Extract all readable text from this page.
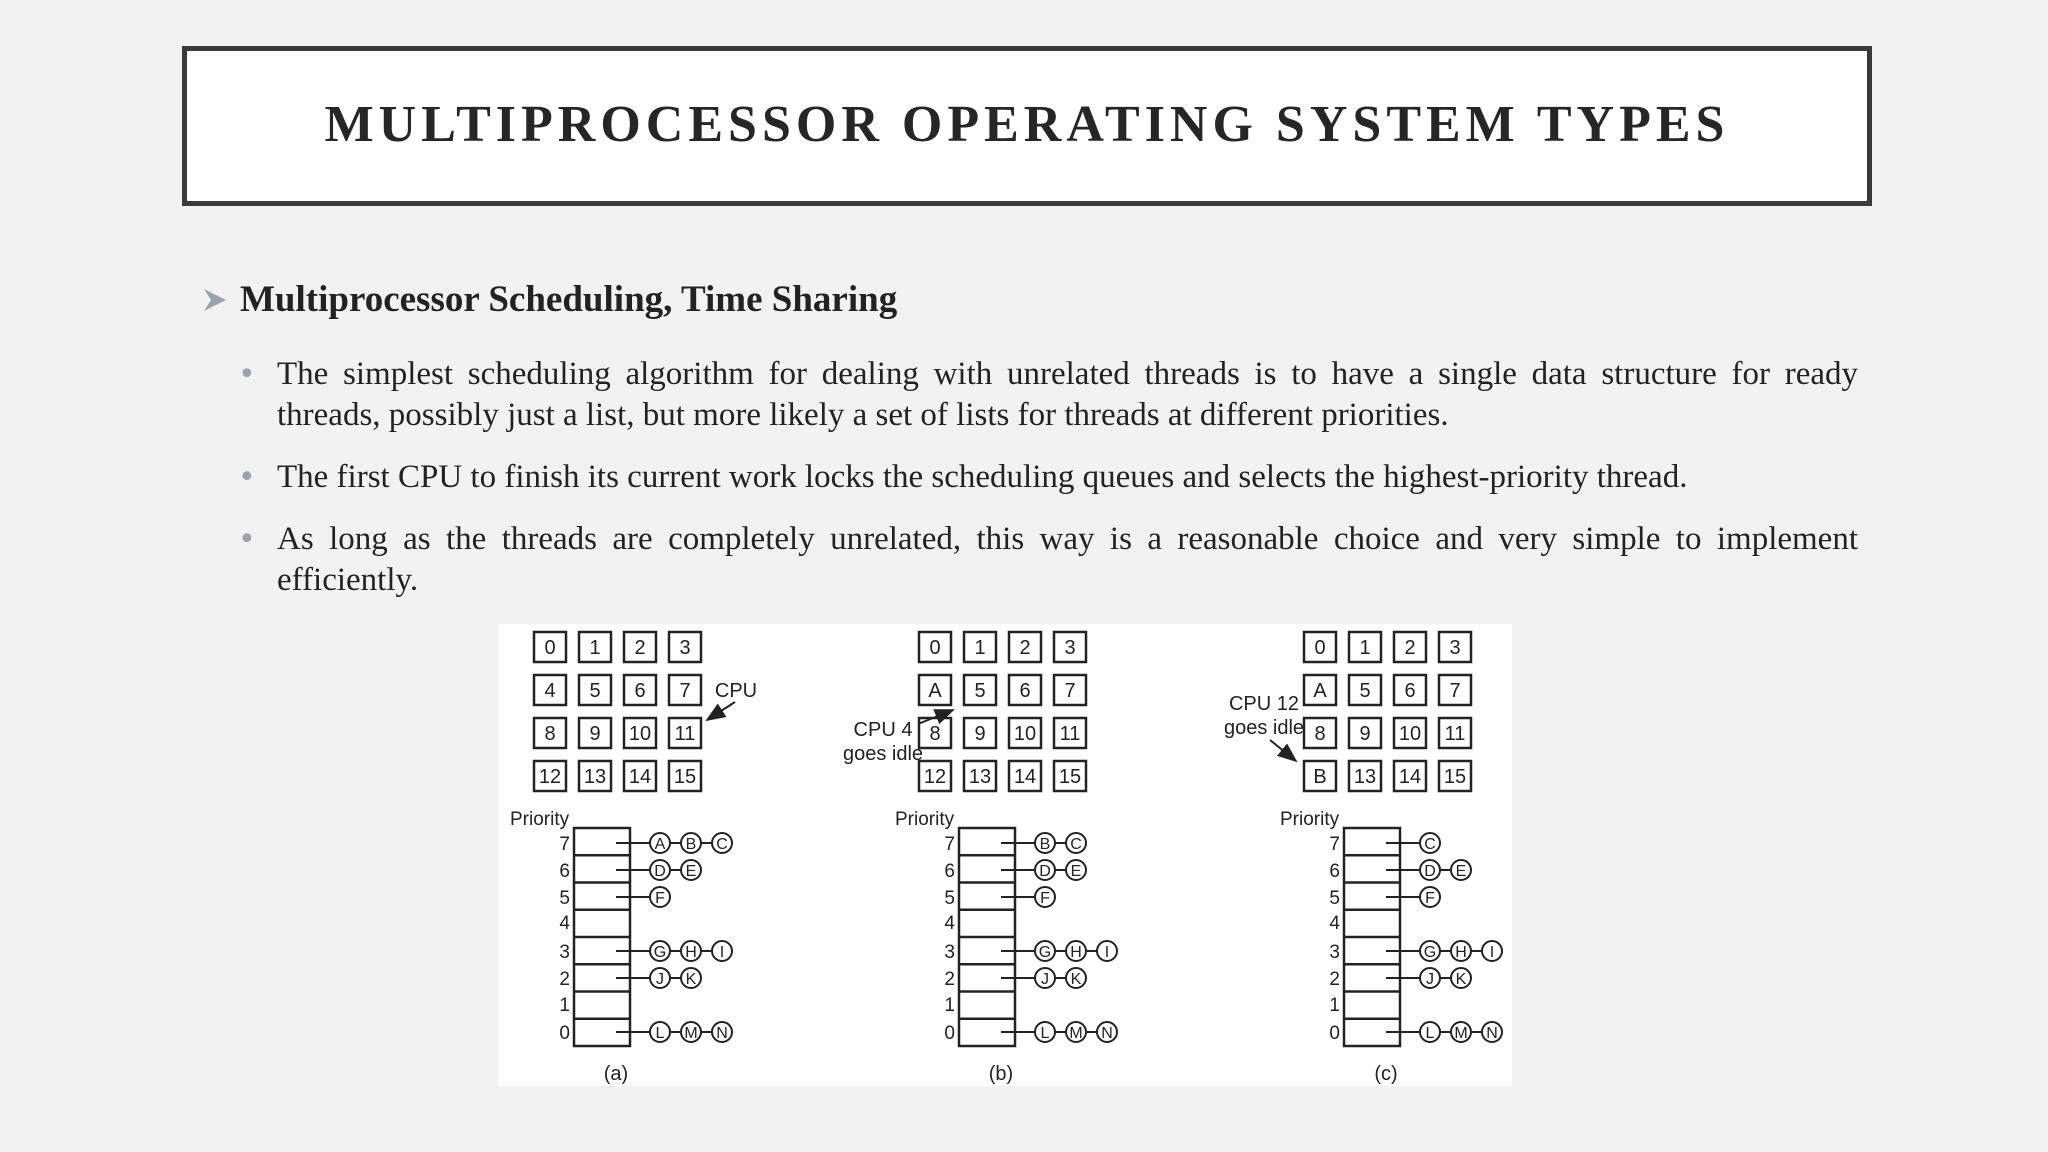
MULTIPROCESSOR OPERATING SYSTEM TYPES
Multiprocessor Scheduling, Time Sharing
• The simplest scheduling algorithm for dealing with unrelated threads is to have a single data structure for ready threads, possibly just a list, but more likely a set of lists for threads at different priorities.
• The first CPU to finish its current work locks the scheduling queues and selects the highest-priority thread.
• As long as the threads are completely unrelated, this way is a reasonable choice and very simple to implement efficiently.
0 1 2 3
4 5 6 7
8 9 10 11
12 13 14 15
CPU
Priority
7	A B C
6	D E
5	F
4
3	G H I
2	J K
1
0	L M N
(a)
0 1 2 3
A 5 6 7
8 9 10 11
12 13 14 15
CPU 4
goes idle
Priority
7	B C
6	D E
5	F
4
3	G H I
2	J K
1
0	L M N
(b)
0 1 2 3
A 5 6 7
8 9 10 11
B 13 14 15
CPU 12
goes idle
Priority
7	C
6	D E
5	F
4
3	G H I
2	J K
1
0	L M N
(c)
